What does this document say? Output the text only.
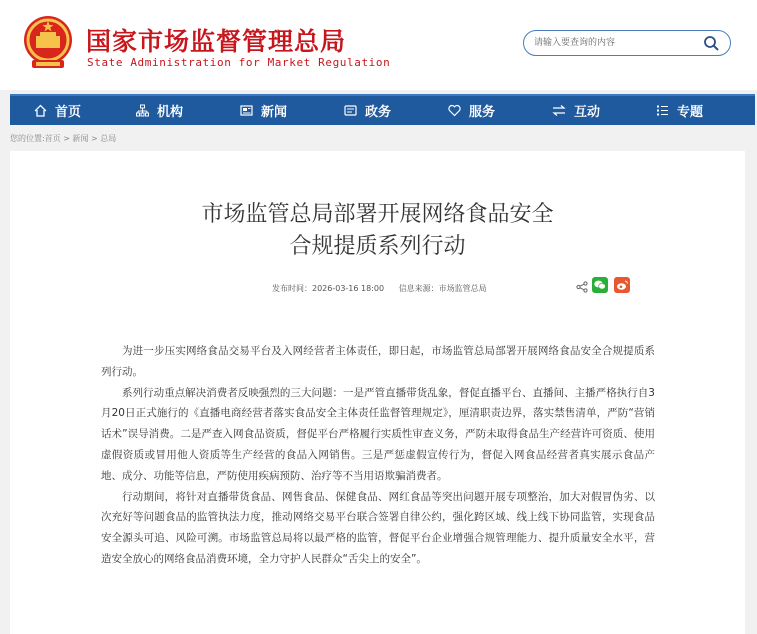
国家市场监督管理总局
State Administration for Market Regulation
请输入要查询的内容
首页	机构	新闻	政务	服务	互动	专题
您的位置:首页 > 新闻 > 总局
市场监管总局部署开展网络食品安全
合规提质系列行动
发布时间：2026-03-16 18:00 信息来源：市场监管总局

为进一步压实网络食品交易平台及入网经营者主体责任，即日起，市场监管总局部署开展网络食品安全合规提质系列行动。

系列行动重点解决消费者反映强烈的三大问题：一是严管直播带货乱象，督促直播平台、直播间、主播严格执行自3月20日正式施行的《直播电商经营者落实食品安全主体责任监督管理规定》，厘清职责边界，落实禁售清单，严防“营销话术”误导消费。二是严查入网食品资质，督促平台严格履行实质性审查义务，严防未取得食品生产经营许可资质、使用虚假资质或冒用他人资质等生产经营的食品入网销售。三是严惩虚假宣传行为，督促入网食品经营者真实展示食品产地、成分、功能等信息，严防使用疾病预防、治疗等不当用语欺骗消费者。

行动期间，将针对直播带货食品、网售食品、保健食品、网红食品等突出问题开展专项整治，加大对假冒伪劣、以次充好等问题食品的监管执法力度，推动网络交易平台联合签署自律公约，强化跨区域、线上线下协同监管，实现食品安全源头可追、风险可溯。市场监管总局将以最严格的监管，督促平台企业增强合规管理能力、提升质量安全水平，营造安全放心的网络食品消费环境，全力守护人民群众“舌尖上的安全”。
